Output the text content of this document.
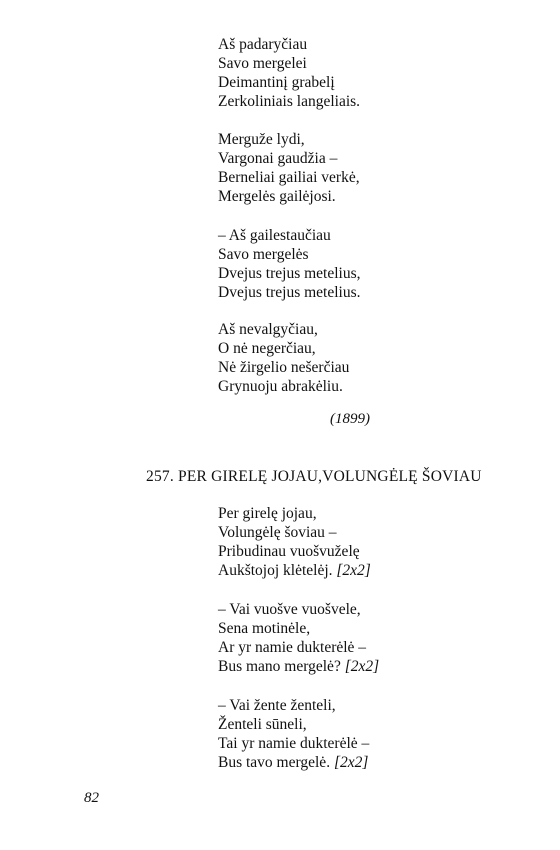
Aš padaryčiau
Savo mergelei
Deimantinį grabelį
Zerkoliniais langeliais.
Merguže lydi,
Vargonai gaudžia –
Berneliai gailiai verkė,
Mergelės gailėjosi.
– Aš gailestaučiau
Savo mergelės
Dvejus trejus metelius,
Dvejus trejus metelius.
Aš nevalgyčiau,
O nė negerčiau,
Nė žirgelio nešerčiau
Grynuoju abrakėliu.
(1899)
257. PER GIRELĘ JOJAU,VOLUNGĖLĘ ŠOVIAU
Per girelę jojau,
Volungėlę šoviau –
Pribudinau vuošvuželę
Aukštojoj klėtelėj. [2x2]
– Vai vuošve vuošvele,
Sena motinėle,
Ar yr namie dukterėlė –
Bus mano mergelė? [2x2]
– Vai žente ženteli,
Ženteli sūneli,
Tai yr namie dukterėlė –
Bus tavo mergelė. [2x2]
82
